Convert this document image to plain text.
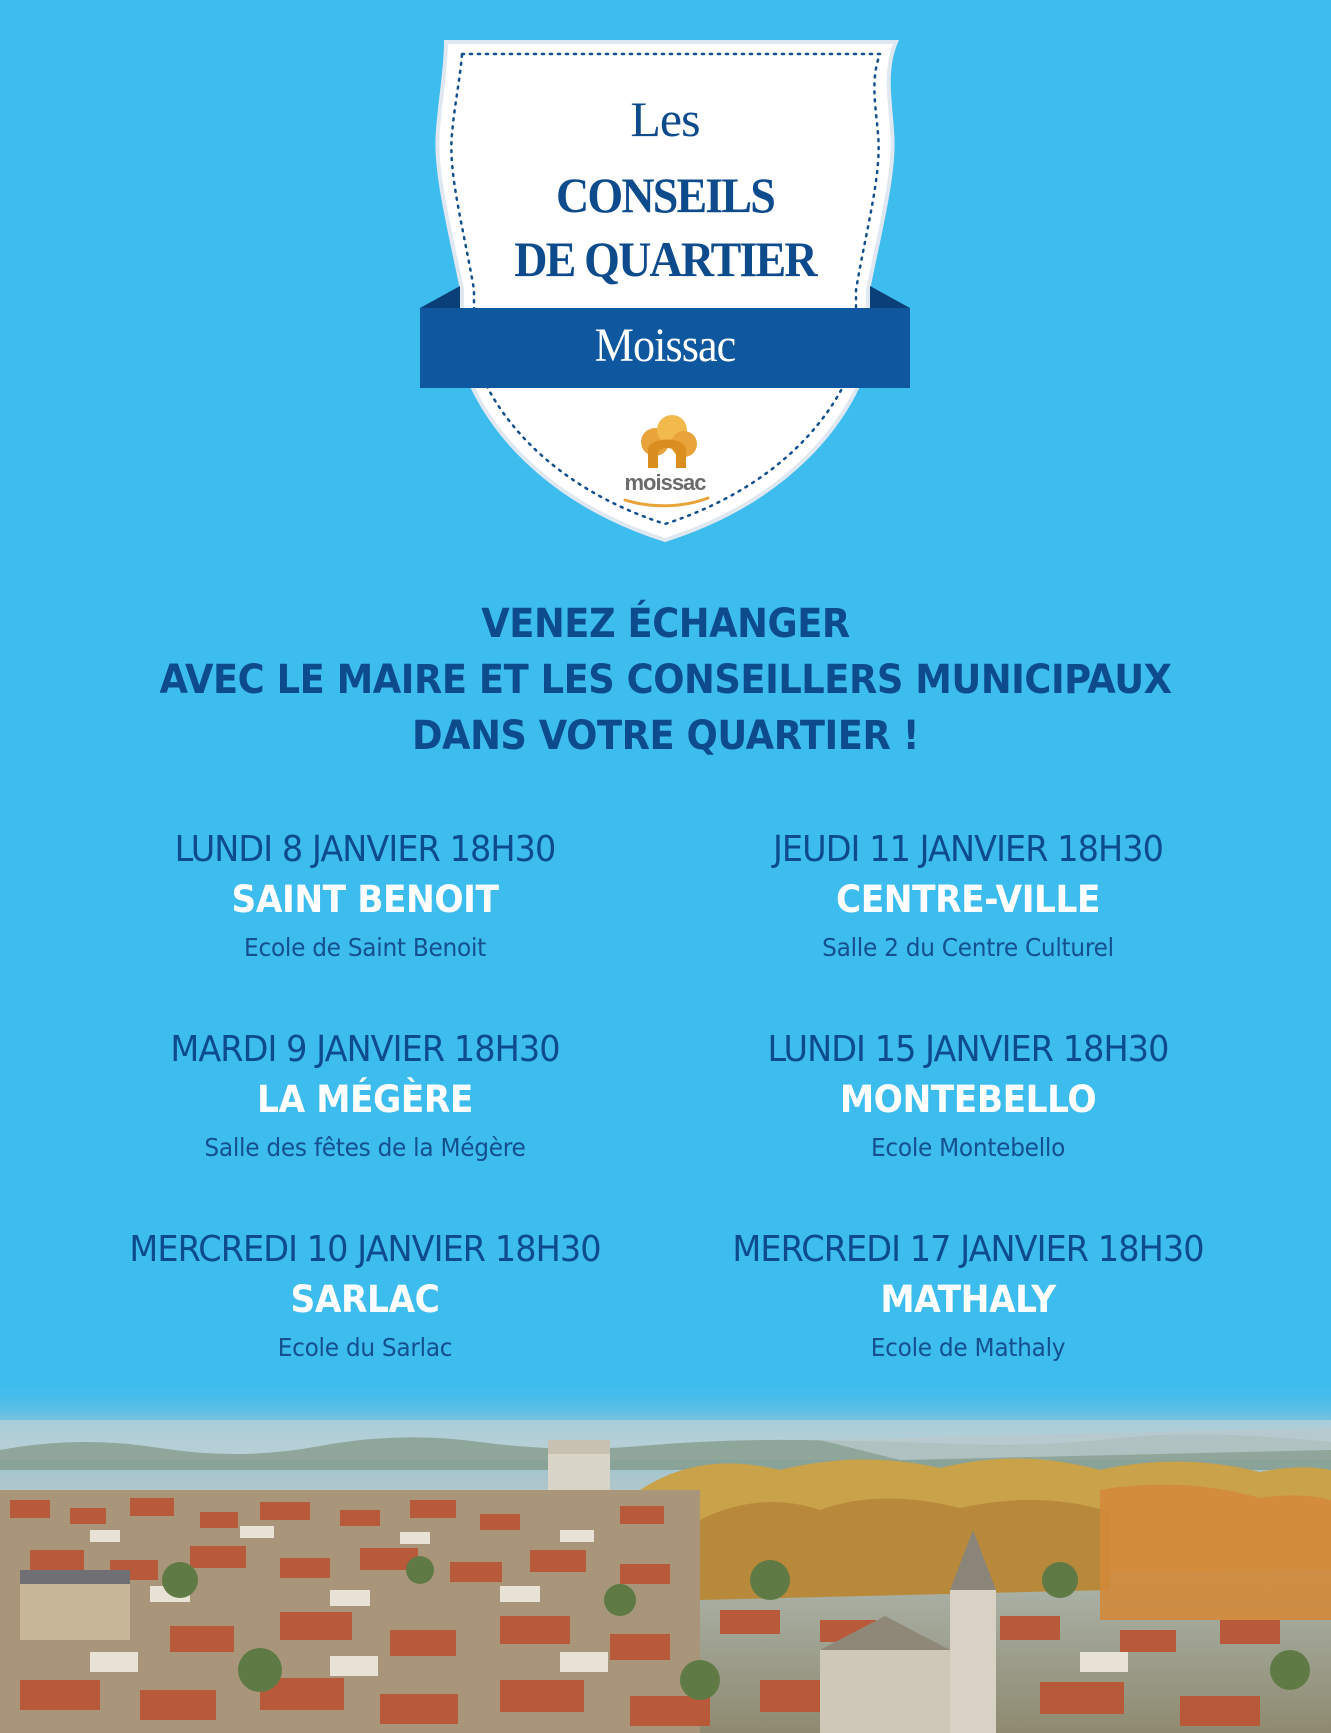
Les
CONSEILS
DE QUARTIER
Moissac
moissac
VENEZ ÉCHANGER
AVEC LE MAIRE ET LES CONSEILLERS MUNICIPAUX
DANS VOTRE QUARTIER !
LUNDI 8 JANVIER 18H30
SAINT BENOIT
Ecole de Saint Benoit
JEUDI 11 JANVIER 18H30
CENTRE-VILLE
Salle 2 du Centre Culturel
MARDI 9 JANVIER 18H30
LA MÉGÈRE
Salle des fêtes de la Mégère
LUNDI 15 JANVIER 18H30
MONTEBELLO
Ecole Montebello
MERCREDI 10 JANVIER 18H30
SARLAC
Ecole du Sarlac
MERCREDI 17 JANVIER 18H30
MATHALY
Ecole de Mathaly
